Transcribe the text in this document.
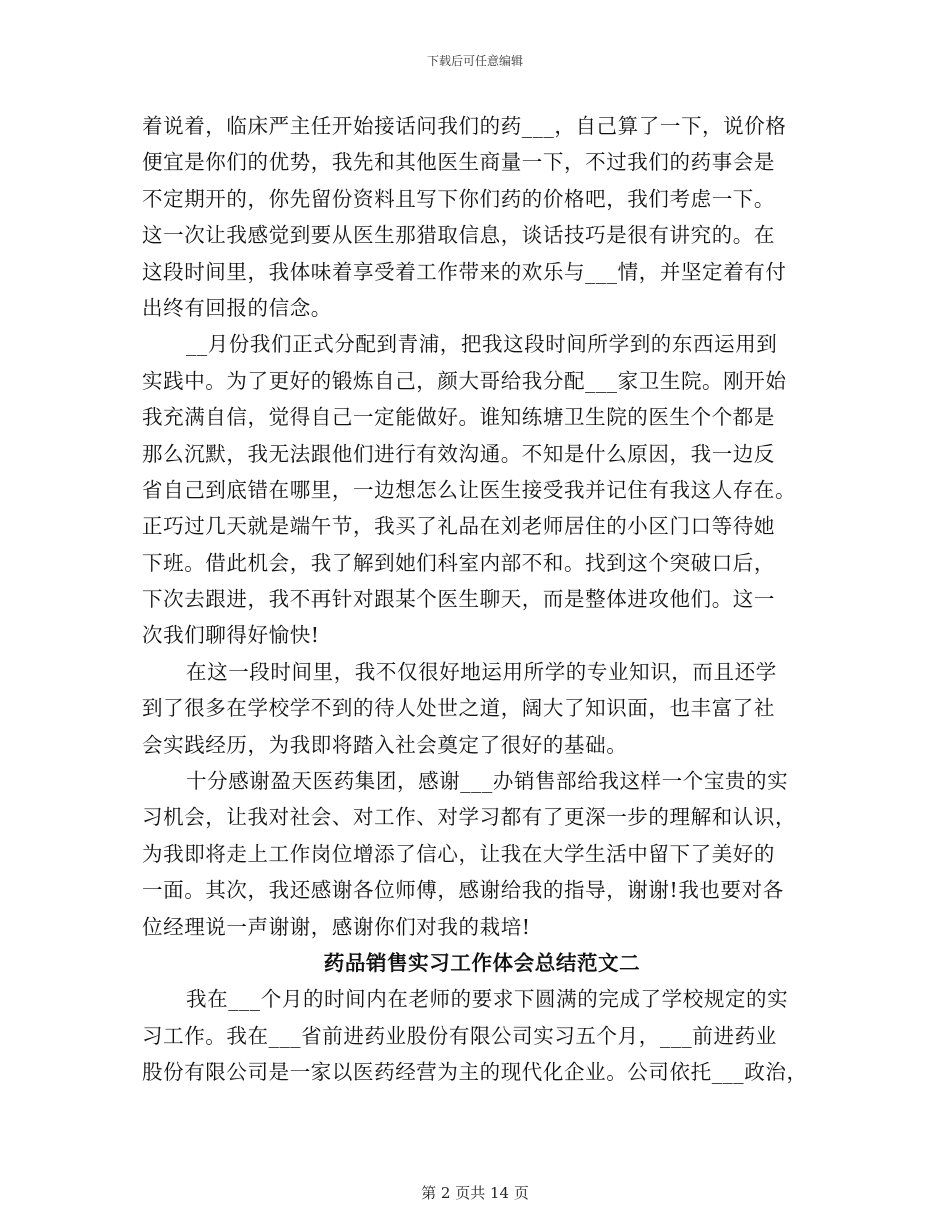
下载后可任意编辑
着说着，临床严主任开始接话问我们的药___，自己算了一下，说价格
便宜是你们的优势，我先和其他医生商量一下，不过我们的药事会是
不定期开的，你先留份资料且写下你们药的价格吧，我们考虑一下。
这一次让我感觉到要从医生那猎取信息，谈话技巧是很有讲究的。在
这段时间里，我体味着享受着工作带来的欢乐与___情，并坚定着有付
出终有回报的信念。
__月份我们正式分配到青浦，把我这段时间所学到的东西运用到
实践中。为了更好的锻炼自己，颜大哥给我分配___家卫生院。刚开始
我充满自信，觉得自己一定能做好。谁知练塘卫生院的医生个个都是
那么沉默，我无法跟他们进行有效沟通。不知是什么原因，我一边反
省自己到底错在哪里，一边想怎么让医生接受我并记住有我这人存在。
正巧过几天就是端午节，我买了礼品在刘老师居住的小区门口等待她
下班。借此机会，我了解到她们科室内部不和。找到这个突破口后，
下次去跟进，我不再针对跟某个医生聊天，而是整体进攻他们。这一
次我们聊得好愉快!
在这一段时间里，我不仅很好地运用所学的专业知识，而且还学
到了很多在学校学不到的待人处世之道，阔大了知识面，也丰富了社
会实践经历，为我即将踏入社会奠定了很好的基础。
十分感谢盈天医药集团，感谢___办销售部给我这样一个宝贵的实
习机会，让我对社会、对工作、对学习都有了更深一步的理解和认识，
为我即将走上工作岗位增添了信心，让我在大学生活中留下了美好的
一面。其次，我还感谢各位师傅，感谢给我的指导，谢谢!我也要对各
位经理说一声谢谢，感谢你们对我的栽培!
药品销售实习工作体会总结范文二
我在___个月的时间内在老师的要求下圆满的完成了学校规定的实
习工作。我在___省前进药业股份有限公司实习五个月，___前进药业
股份有限公司是一家以医药经营为主的现代化企业。公司依托___政治，
第 2 页共 14 页
